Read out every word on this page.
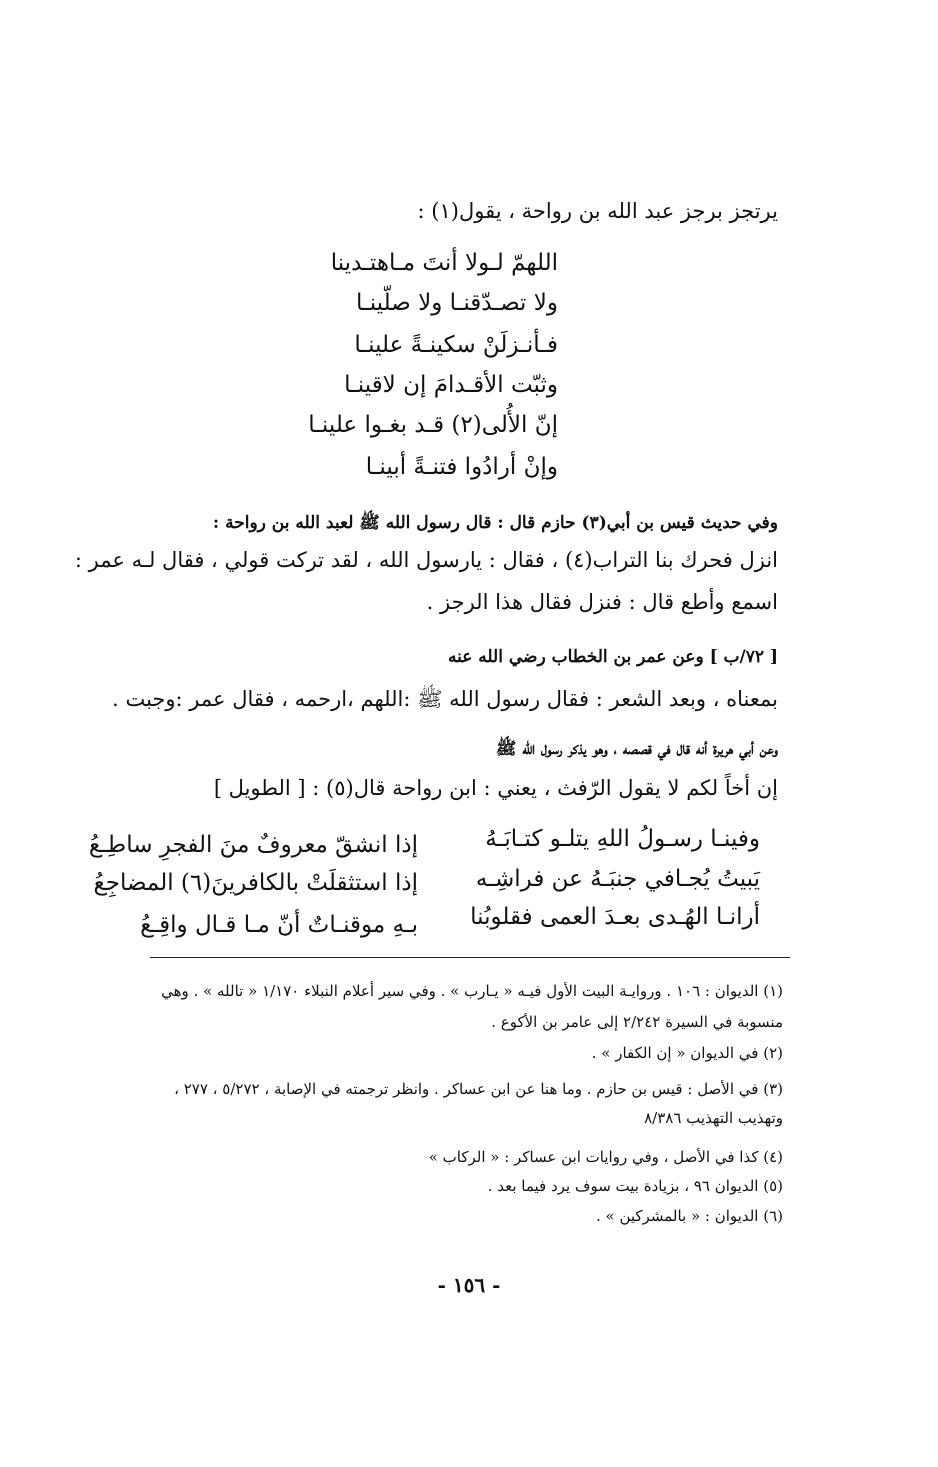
يرتجز برجز عبد الله بن رواحة ، يقول(١) :
اللهمّ لـولا أنتَ مـاهتـدينا
ولا تصـدّقنـا ولا صلّينـا
فـأنـزلَنْ سكينـةً علينـا
وثبّت الأقـدامَ إن لاقينـا
إنّ الأُلى(٢) قـد بغـوا علينـا
وإنْ أرادُوا فتنـةً أبينـا
وفي حديث قيس بن أبي(٣) حازم قال : قال رسول الله ﷺ لعبد الله بن رواحة :
انزل فحرك بنا التراب(٤) ، فقال : يارسول الله ، لقد تركت قولي ، فقال لـه عمر :
اسمع وأطع قال : فنزل فقال هذا الرجز .
[ ٧٢/ب ] وعن عمر بن الخطاب رضي الله عنه
بمعناه ، وبعد الشعر : فقال رسول الله ﷺ :اللهم ،ارحمه ، فقال عمر :وجبت .
وعن أبي هريرة أنه قال في قصصه ، وهو يذكر رسول الله ﷺ
إن أخاً لكم لا يقول الرّفث ، يعني : ابن رواحة قال(٥) : [ الطويل ]
وفينـا رسـولُ اللهِ يتلـو كتـابَـهُ
إذا انشقّ معروفٌ منَ الفجرِ ساطِـعُ
يَبيتُ يُجـافي جنبَـهُ عن فراشِـه
إذا استثقلَتْ بالكافرينَ(٦) المضاجِعُ
أرانـا الهُـدى بعـدَ العمى فقلوبُنا
بـهِ موقنـاتٌ أنّ مـا قـال واقِـعُ
(١) الديوان : ١٠٦ . وروايـة البيت الأول فيـه « يـارب » . وفي سير أعلام النبلاء ١/١٧٠ « تالله » . وهي
منسوبة في السيرة ٢/٢٤٢ إلى عامر بن الأكوع .
(٢) في الديوان « إن الكفار » .
(٣) في الأصل : قيس بن حازم . وما هنا عن ابن عساكر . وانظر ترجمته في الإصابة ، ٥/٢٧٢ ، ٢٧٧ ،
وتهذيب التهذيب ٨/٣٨٦
(٤) كذا في الأصل ، وفي روايات ابن عساكر : « الركاب »
(٥) الديوان ٩٦ ، بزيادة بيت سوف يرد فيما بعد .
(٦) الديوان : « بالمشركين » .
- ١٥٦ -
